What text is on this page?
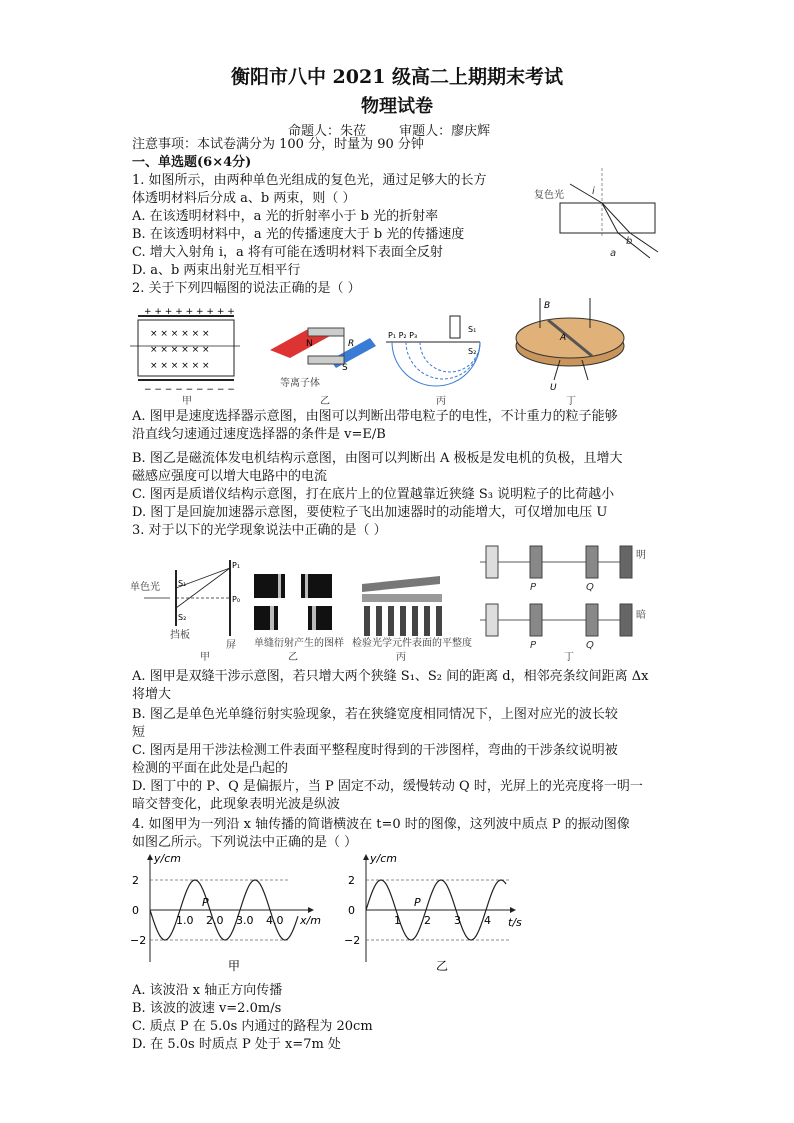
衡阳市八中 2021 级高二上期期末考试
物理试卷
命题人：朱莅	审题人：廖庆辉
注意事项：本试卷满分为 100 分，时量为 90 分钟
一、单选题(6×4分)
1. 如图所示，由两种单色光组成的复色光，通过足够大的长方
体透明材料后分成 a、b 两束，则（ ）
A. 在该透明材料中，a 光的折射率小于 b 光的折射率
B. 在该透明材料中，a 光的传播速度大于 b 光的传播速度
C. 增大入射角 i，a 将有可能在透明材料下表面全反射
D. a、b 两束出射光互相平行
复色光	i
a
b
2. 关于下列四幅图的说法正确的是（ ）
+ + + + + + + + +
− − − − − − − − −
× × × × × ×
× × × × × ×
× × × × × ×
甲
R
N
S
等离子体
乙
P₁ P₂ P₃
S₁
S₂
丙
B
A
U
丁
A. 图甲是速度选择器示意图，由图可以判断出带电粒子的电性，不计重力的粒子能够
沿直线匀速通过速度选择器的条件是 v=E/B
B. 图乙是磁流体发电机结构示意图，由图可以判断出 A 极板是发电机的负极，且增大
磁感应强度可以增大电路中的电流
C. 图丙是质谱仪结构示意图，打在底片上的位置越靠近狭缝 S₃ 说明粒子的比荷越小
D. 图丁是回旋加速器示意图，要使粒子飞出加速器时的动能增大，可仅增加电压 U
3. 对于以下的光学现象说法中正确的是（ ）
S₁
S₂
P₁
P₀
单色光
挡板
屏
甲
单缝衍射产生的图样
乙
检验光学元件表面的平整度
丙
P	Q
明
P	Q
暗
丁
A. 图甲是双缝干涉示意图，若只增大两个狭缝 S₁、S₂ 间的距离 d，相邻亮条纹间距离 Δx
将增大
B. 图乙是单色光单缝衍射实验现象，若在狭缝宽度相同情况下，上图对应光的波长较
短
C. 图丙是用干涉法检测工件表面平整程度时得到的干涉图样，弯曲的干涉条纹说明被
检测的平面在此处是凸起的
D. 图丁中的 P、Q 是偏振片，当 P 固定不动，缓慢转动 Q 时，光屏上的光亮度将一明一
暗交替变化，此现象表明光波是纵波
4. 如图甲为一列沿 x 轴传播的简谐横波在 t=0 时的图像，这列波中质点 P 的振动图像
如图乙所示。下列说法中正确的是（ ）
y/cm
2
0
−2
1.0 2.0 3.0 4.0 x/m
P
甲
y/cm
2
0
−2
1 2 3 4 t/s
P
乙
A. 该波沿 x 轴正方向传播
B. 该波的波速 v=2.0m/s
C. 质点 P 在 5.0s 内通过的路程为 20cm
D. 在 5.0s 时质点 P 处于 x=7m 处
